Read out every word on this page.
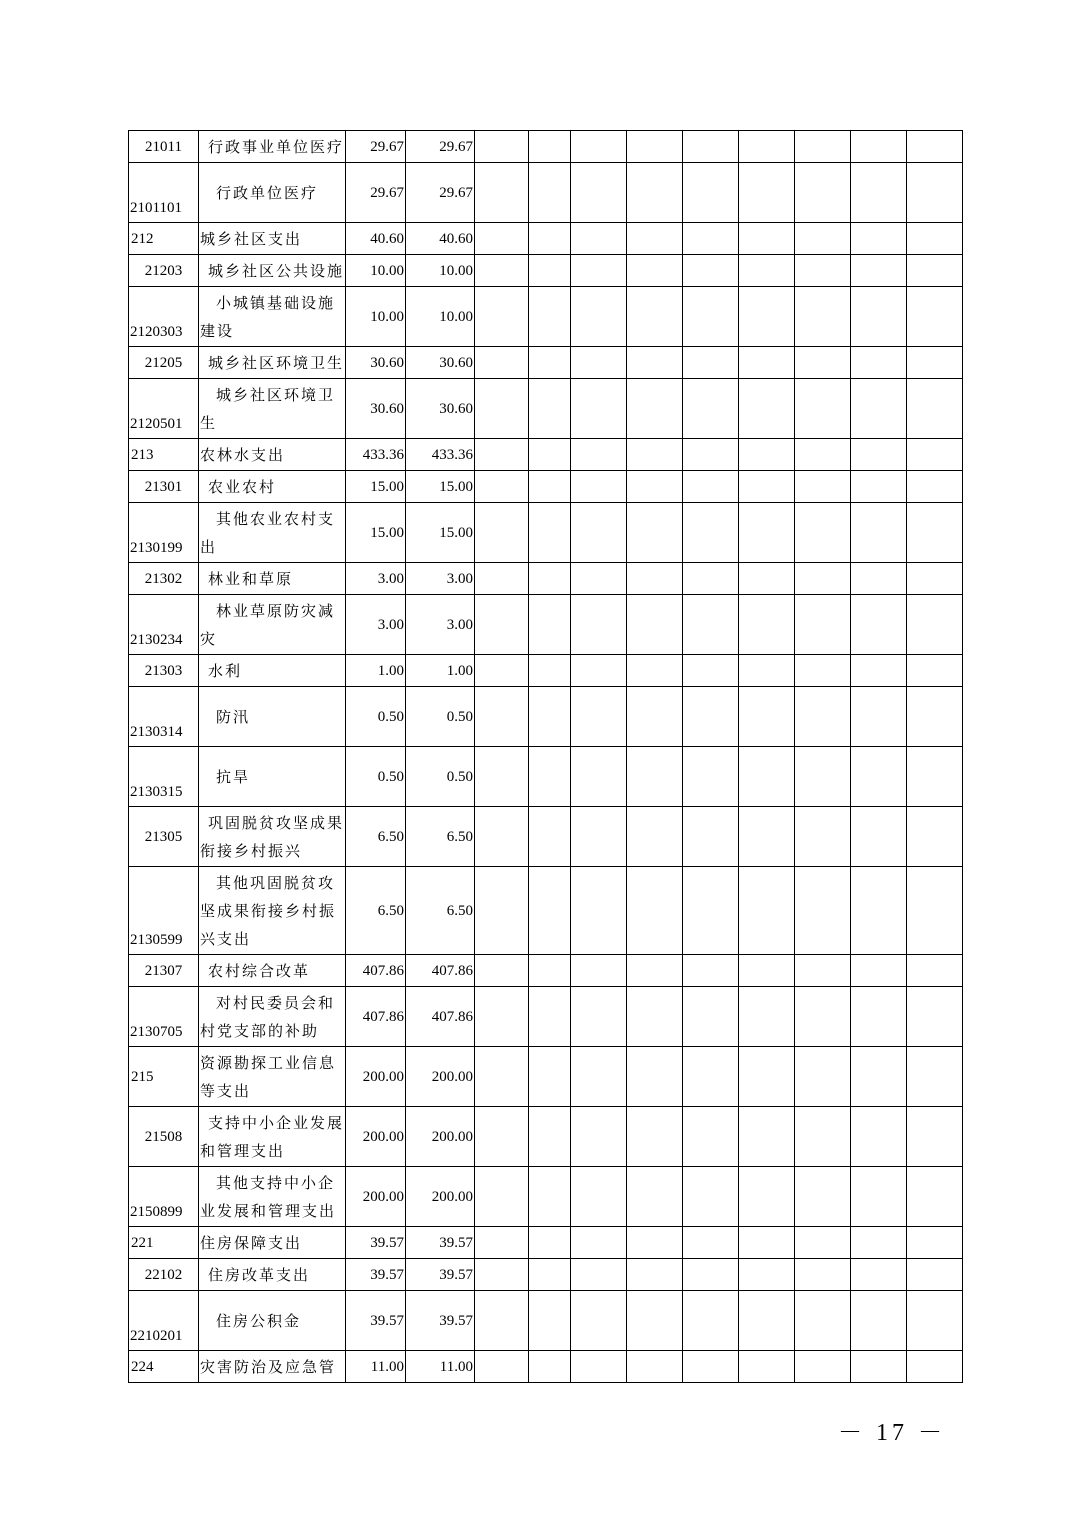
21011	行政事业单位医疗	29.67	29.67									
2101101	行政单位医疗	29.67	29.67									
212	城乡社区支出	40.60	40.60									
21203	城乡社区公共设施	10.00	10.00									
2120303	小城镇基础设施建设	10.00	10.00									
21205	城乡社区环境卫生	30.60	30.60									
2120501	城乡社区环境卫生	30.60	30.60									
213	农林水支出	433.36	433.36									
21301	农业农村	15.00	15.00									
2130199	其他农业农村支出	15.00	15.00									
21302	林业和草原	3.00	3.00									
2130234	林业草原防灾减灾	3.00	3.00									
21303	水利	1.00	1.00									
2130314	防汛	0.50	0.50									
2130315	抗旱	0.50	0.50									
21305	巩固脱贫攻坚成果衔接乡村振兴	6.50	6.50									
2130599	其他巩固脱贫攻坚成果衔接乡村振兴支出	6.50	6.50									
21307	农村综合改革	407.86	407.86									
2130705	对村民委员会和村党支部的补助	407.86	407.86									
215	资源勘探工业信息等支出	200.00	200.00									
21508	支持中小企业发展和管理支出	200.00	200.00									
2150899	其他支持中小企业发展和管理支出	200.00	200.00									
221	住房保障支出	39.57	39.57									
22102	住房改革支出	39.57	39.57									
2210201	住房公积金	39.57	39.57									
224	灾害防治及应急管	11.00	11.00									
－ 17 －
